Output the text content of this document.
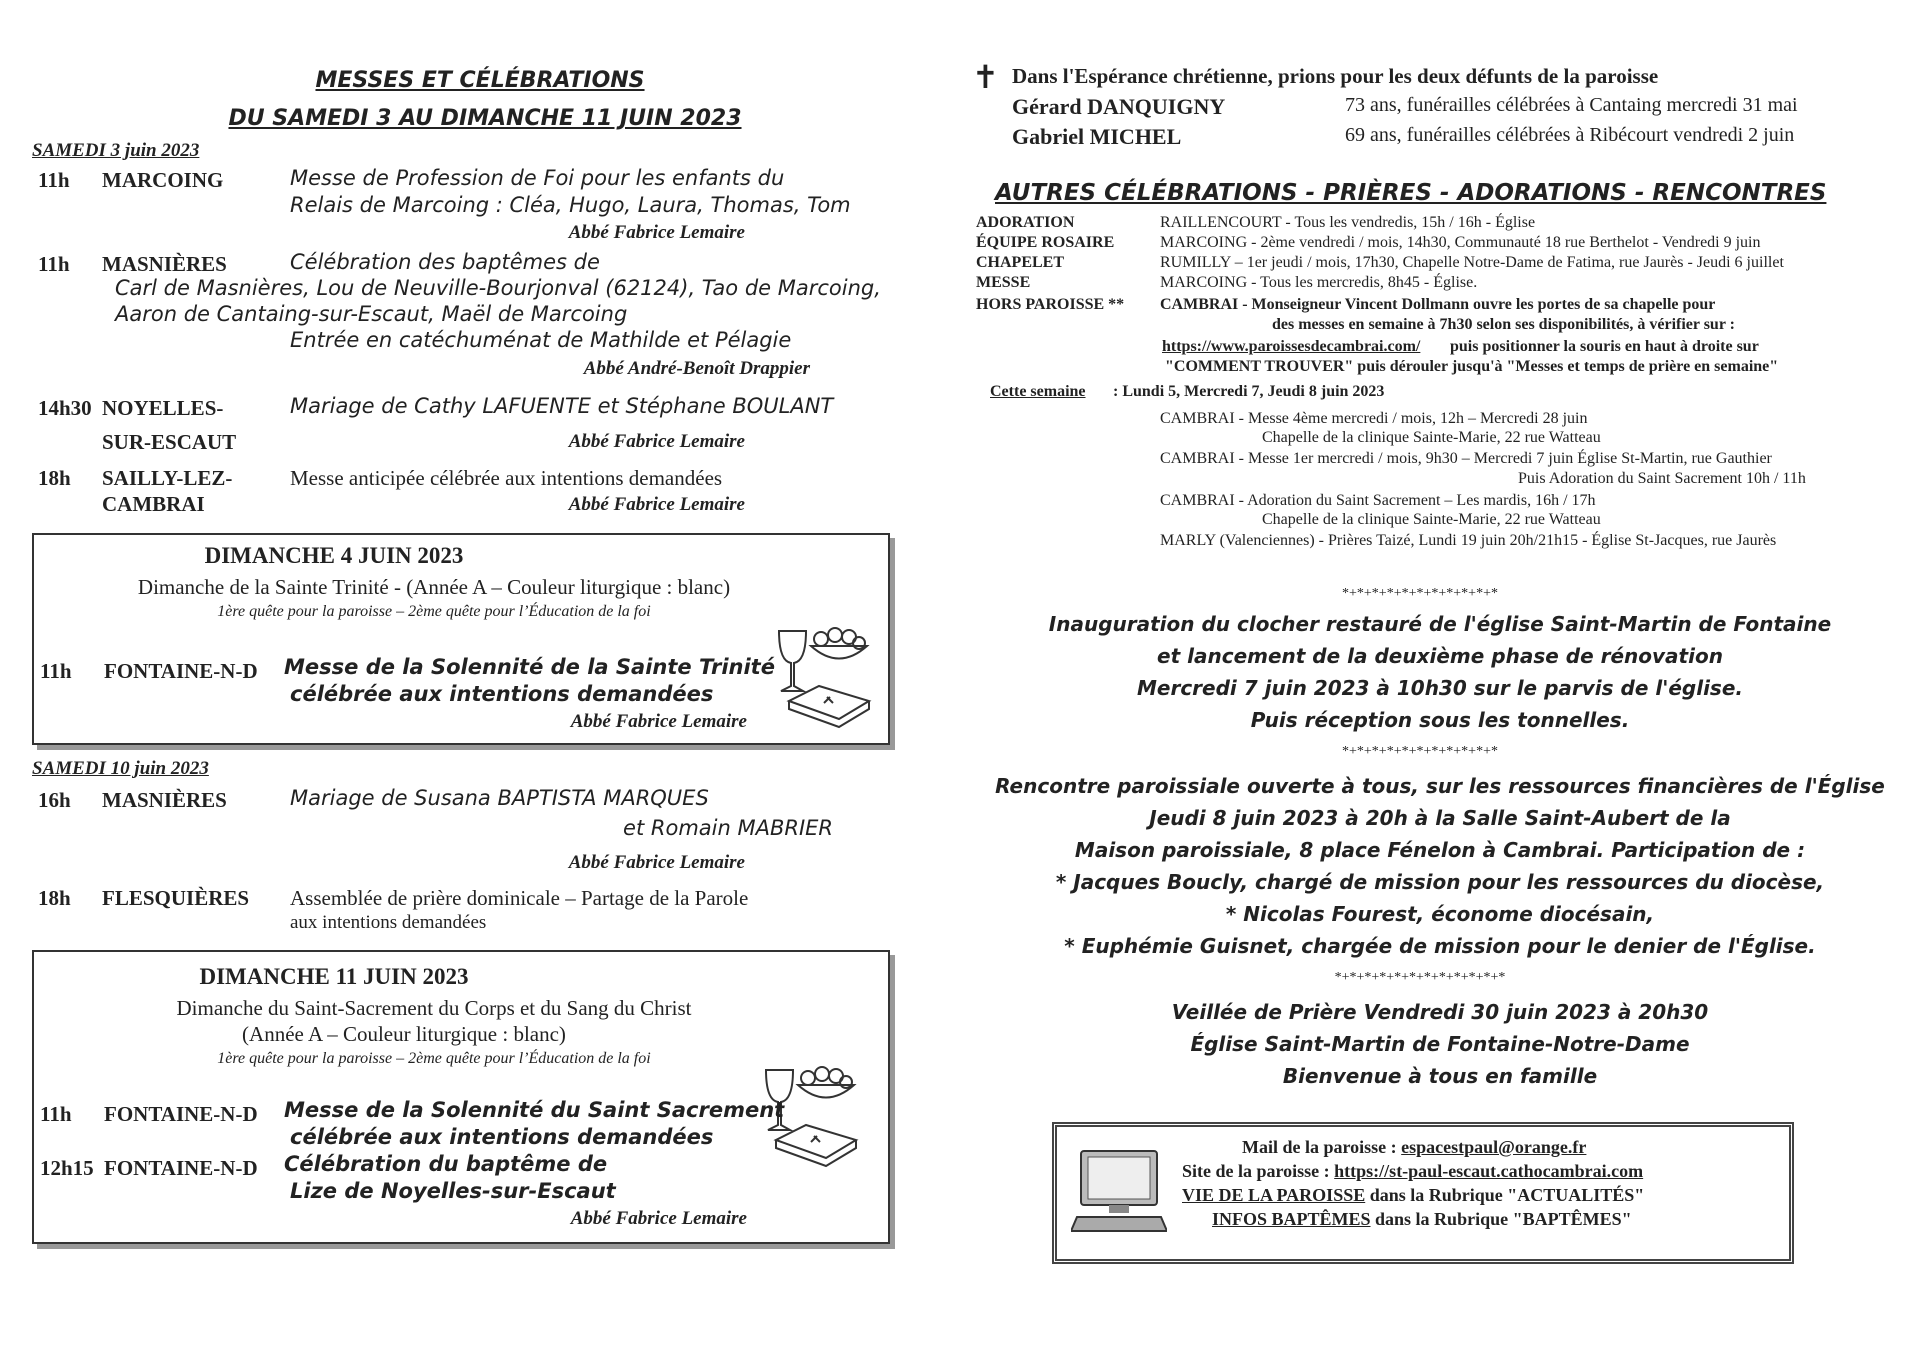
MESSES ET CÉLÉBRATIONS
DU SAMEDI 3 AU DIMANCHE 11 JUIN 2023
SAMEDI 3 juin 2023
11h MARCOING	Messe de Profession de Foi pour les enfants du
Relais de Marcoing : Cléa, Hugo, Laura, Thomas, Tom
Abbé Fabrice Lemaire
11h MASNIÈRES	Célébration des baptêmes de
Carl de Masnières, Lou de Neuville-Bourjonval (62124), Tao de Marcoing,
Aaron de Cantaing-sur-Escaut, Maël de Marcoing
Entrée en catéchuménat de Mathilde et Pélagie
Abbé André-Benoît Drappier
14h30 NOYELLES-
SUR-ESCAUT
Mariage de Cathy LAFUENTE et Stéphane BOULANT
Abbé Fabrice Lemaire
18h SAILLY-LEZ-
CAMBRAI
Messe anticipée célébrée aux intentions demandées
Abbé Fabrice Lemaire
DIMANCHE 4 JUIN 2023
Dimanche de la Sainte Trinité - (Année A – Couleur liturgique : blanc)
1ère quête pour la paroisse – 2ème quête pour l’Éducation de la foi
11h FONTAINE-N-D Messe de la Solennité de la Sainte Trinité
célébrée aux intentions demandées
Abbé Fabrice Lemaire
SAMEDI 10 juin 2023
16h MASNIÈRES	Mariage de Susana BAPTISTA MARQUES
et Romain MABRIER
Abbé Fabrice Lemaire
18h FLESQUIÈRES Assemblée de prière dominicale – Partage de la Parole
aux intentions demandées
DIMANCHE 11 JUIN 2023
Dimanche du Saint-Sacrement du Corps et du Sang du Christ
(Année A – Couleur liturgique : blanc)
1ère quête pour la paroisse – 2ème quête pour l’Éducation de la foi
11h FONTAINE-N-D Messe de la Solennité du Saint Sacrement
célébrée aux intentions demandées
12h15 FONTAINE-N-D Célébration du baptême de
Lize de Noyelles-sur-Escaut
Abbé Fabrice Lemaire
✝ Dans l'Espérance chrétienne, prions pour les deux défunts de la paroisse
Gérard DANQUIGNY	73 ans, funérailles célébrées à Cantaing mercredi 31 mai
Gabriel MICHEL	69 ans, funérailles célébrées à Ribécourt vendredi 2 juin
AUTRES CÉLÉBRATIONS - PRIÈRES - ADORATIONS - RENCONTRES
ADORATION	RAILLENCOURT - Tous les vendredis, 15h / 16h - Église
ÉQUIPE ROSAIRE	MARCOING - 2ème vendredi / mois, 14h30, Communauté 18 rue Berthelot - Vendredi 9 juin
CHAPELET	RUMILLY – 1er jeudi / mois, 17h30, Chapelle Notre-Dame de Fatima, rue Jaurès - Jeudi 6 juillet
MESSE	MARCOING - Tous les mercredis, 8h45 - Église.
HORS PAROISSE ** CAMBRAI - Monseigneur Vincent Dollmann ouvre les portes de sa chapelle pour
des messes en semaine à 7h30 selon ses disponibilités, à vérifier sur :
https://www.paroissesdecambrai.com/ puis positionner la souris en haut à droite sur
"COMMENT TROUVER" puis dérouler jusqu'à "Messes et temps de prière en semaine"
Cette semaine : Lundi 5, Mercredi 7, Jeudi 8 juin 2023
CAMBRAI - Messe 4ème mercredi / mois, 12h – Mercredi 28 juin
Chapelle de la clinique Sainte-Marie, 22 rue Watteau
CAMBRAI - Messe 1er mercredi / mois, 9h30 – Mercredi 7 juin Église St-Martin, rue Gauthier
Puis Adoration du Saint Sacrement 10h / 11h
CAMBRAI - Adoration du Saint Sacrement – Les mardis, 16h / 17h
Chapelle de la clinique Sainte-Marie, 22 rue Watteau
MARLY (Valenciennes) - Prières Taizé, Lundi 19 juin 20h/21h15 - Église St-Jacques, rue Jaurès
*+*+*+*+*+*+*+*+*+*+*
Inauguration du clocher restauré de l'église Saint-Martin de Fontaine
et lancement de la deuxième phase de rénovation
Mercredi 7 juin 2023 à 10h30 sur le parvis de l'église.
Puis réception sous les tonnelles.
*+*+*+*+*+*+*+*+*+*+*
Rencontre paroissiale ouverte à tous, sur les ressources financières de l'Église
Jeudi 8 juin 2023 à 20h à la Salle Saint-Aubert de la
Maison paroissiale, 8 place Fénelon à Cambrai. Participation de :
* Jacques Boucly, chargé de mission pour les ressources du diocèse,
* Nicolas Fourest, économe diocésain,
* Euphémie Guisnet, chargée de mission pour le denier de l'Église.
*+*+*+*+*+*+*+*+*+*+*+*
Veillée de Prière Vendredi 30 juin 2023 à 20h30
Église Saint-Martin de Fontaine-Notre-Dame
Bienvenue à tous en famille
Mail de la paroisse : espacestpaul@orange.fr
Site de la paroisse : https://st-paul-escaut.cathocambrai.com
VIE DE LA PAROISSE dans la Rubrique "ACTUALITÉS"
INFOS BAPTÊMES dans la Rubrique "BAPTÊMES"
